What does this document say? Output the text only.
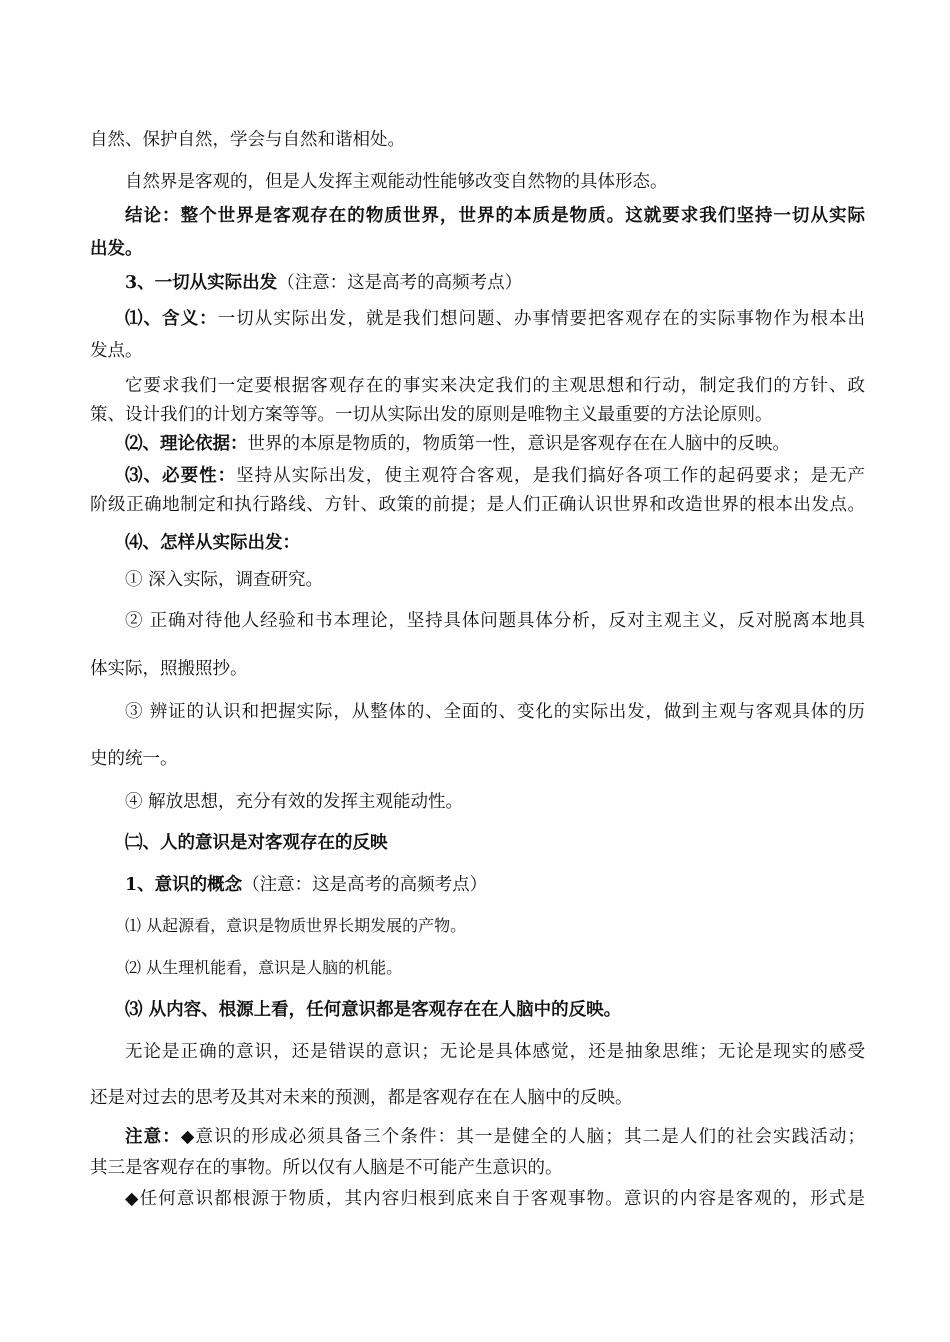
自然、保护自然，学会与自然和谐相处。
自然界是客观的，但是人发挥主观能动性能够改变自然物的具体形态。
结论：整个世界是客观存在的物质世界，世界的本质是物质。这就要求我们坚持一切从实际
出发。
3、一切从实际出发（注意：这是高考的高频考点）
⑴、含义：一切从实际出发，就是我们想问题、办事情要把客观存在的实际事物作为根本出
发点。
它要求我们一定要根据客观存在的事实来决定我们的主观思想和行动，制定我们的方针、政
策、设计我们的计划方案等等。一切从实际出发的原则是唯物主义最重要的方法论原则。
⑵、理论依据：世界的本原是物质的，物质第一性，意识是客观存在在人脑中的反映。
⑶、必要性：坚持从实际出发，使主观符合客观，是我们搞好各项工作的起码要求；是无产
阶级正确地制定和执行路线、方针、政策的前提；是人们正确认识世界和改造世界的根本出发点。
⑷、怎样从实际出发：
① 深入实际，调查研究。
② 正确对待他人经验和书本理论，坚持具体问题具体分析，反对主观主义，反对脱离本地具
体实际，照搬照抄。
③ 辨证的认识和把握实际，从整体的、全面的、变化的实际出发，做到主观与客观具体的历
史的统一。
④ 解放思想，充分有效的发挥主观能动性。
㈡、人的意识是对客观存在的反映
1、意识的概念（注意：这是高考的高频考点）
⑴ 从起源看，意识是物质世界长期发展的产物。
⑵ 从生理机能看，意识是人脑的机能。
⑶ 从内容、根源上看，任何意识都是客观存在在人脑中的反映。
无论是正确的意识，还是错误的意识；无论是具体感觉，还是抽象思维；无论是现实的感受
还是对过去的思考及其对未来的预测，都是客观存在在人脑中的反映。
注意：◆意识的形成必须具备三个条件：其一是健全的人脑；其二是人们的社会实践活动；
其三是客观存在的事物。所以仅有人脑是不可能产生意识的。
◆任何意识都根源于物质，其内容归根到底来自于客观事物。意识的内容是客观的，形式是
